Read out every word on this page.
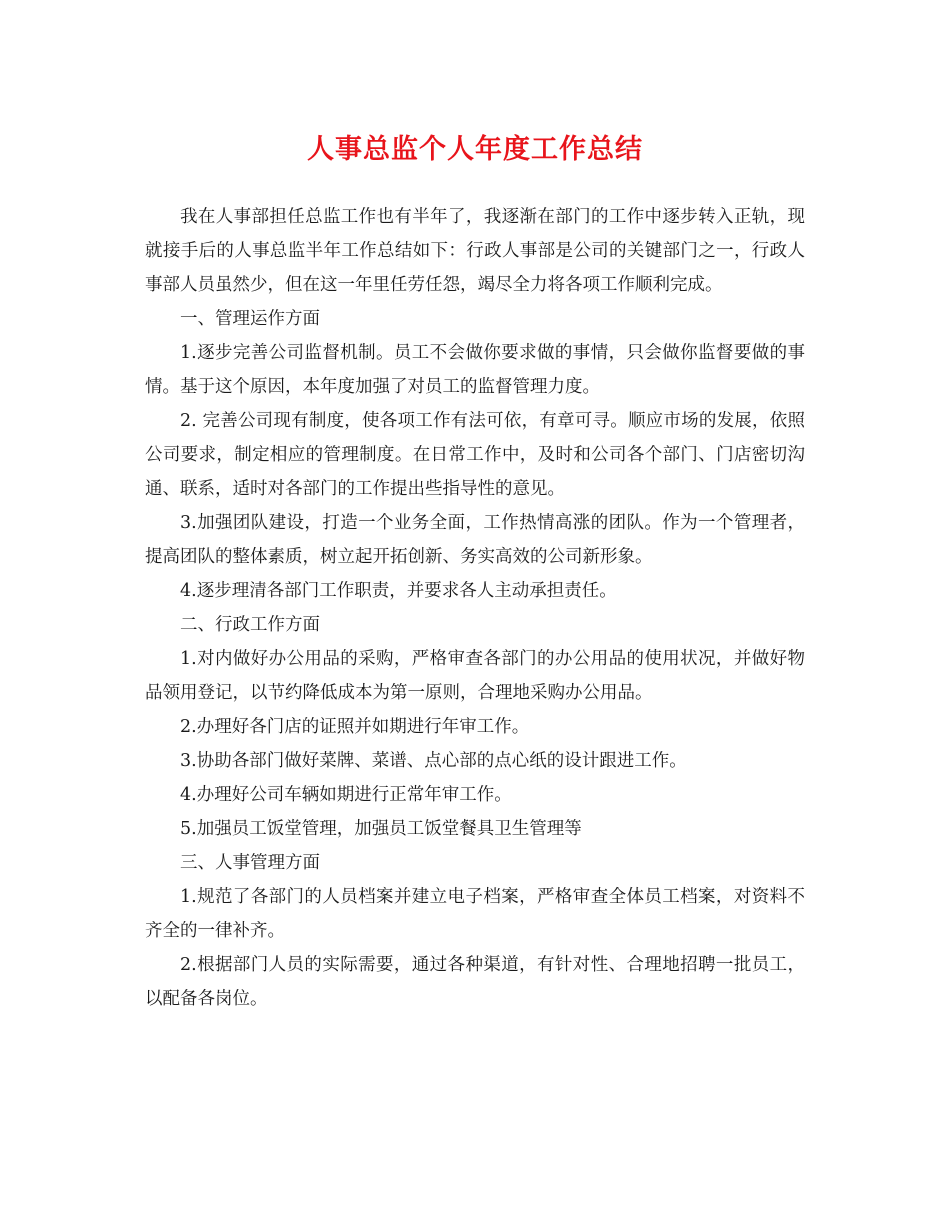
人事总监个人年度工作总结

我在人事部担任总监工作也有半年了，我逐渐在部门的工作中逐步转入正轨，现就接手后的人事总监半年工作总结如下：行政人事部是公司的关键部门之一，行政人事部人员虽然少，但在这一年里任劳任怨，竭尽全力将各项工作顺利完成。

一、管理运作方面

1.逐步完善公司监督机制。员工不会做你要求做的事情，只会做你监督要做的事情。基于这个原因，本年度加强了对员工的监督管理力度。

2. 完善公司现有制度，使各项工作有法可依，有章可寻。顺应市场的发展，依照公司要求，制定相应的管理制度。在日常工作中，及时和公司各个部门、门店密切沟通、联系，适时对各部门的工作提出些指导性的意见。

3.加强团队建设，打造一个业务全面，工作热情高涨的团队。作为一个管理者，提高团队的整体素质，树立起开拓创新、务实高效的公司新形象。

4.逐步理清各部门工作职责，并要求各人主动承担责任。

二、行政工作方面

1.对内做好办公用品的采购，严格审查各部门的办公用品的使用状况，并做好物品领用登记，以节约降低成本为第一原则，合理地采购办公用品。

2.办理好各门店的证照并如期进行年审工作。

3.协助各部门做好菜牌、菜谱、点心部的点心纸的设计跟进工作。

4.办理好公司车辆如期进行正常年审工作。

5.加强员工饭堂管理，加强员工饭堂餐具卫生管理等

三、人事管理方面

1.规范了各部门的人员档案并建立电子档案，严格审查全体员工档案，对资料不齐全的一律补齐。

2.根据部门人员的实际需要，通过各种渠道，有针对性、合理地招聘一批员工，以配备各岗位。
